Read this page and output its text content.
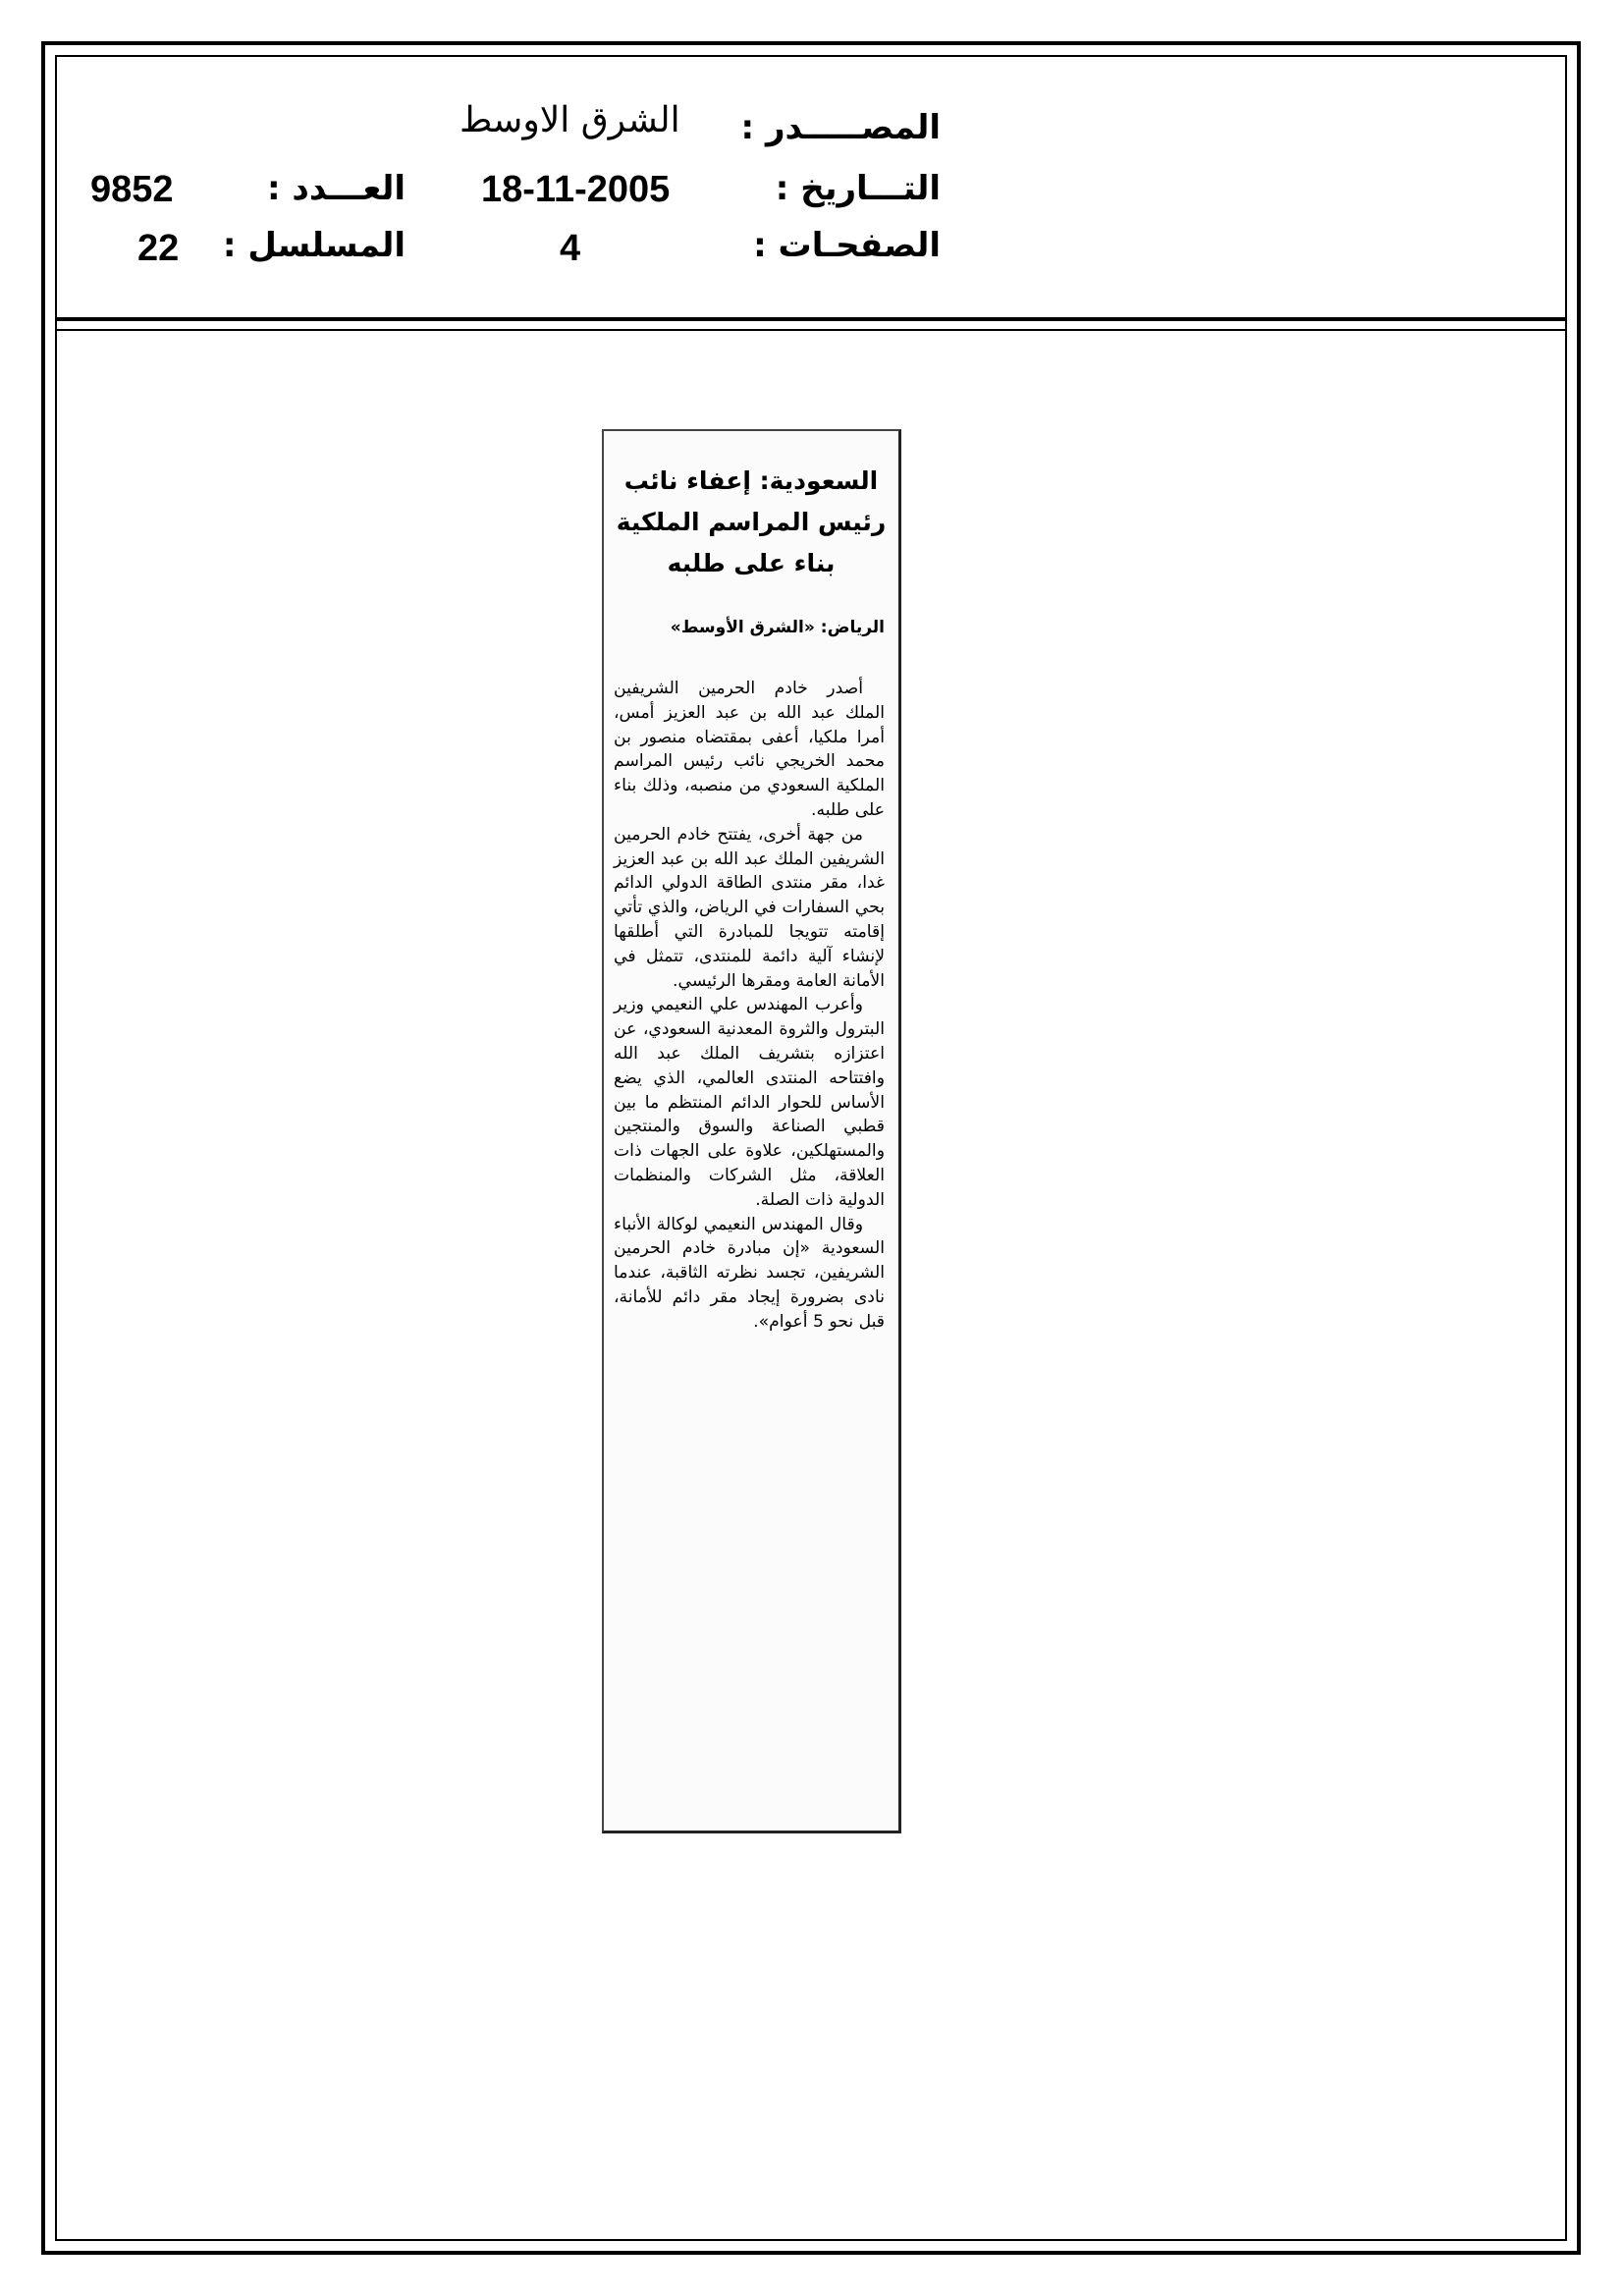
المصـــــدر :
الشرق الاوسط
التـــاريخ :
18-11-2005
العـــدد :
9852
الصفحـات :
4
المسلسل :
22
السعودية: إعفاء نائب
رئيس المراسم الملكية
بناء على طلبه
الرياض: «الشرق الأوسط»

أصدر خادم الحرمين الشريفين الملك عبد الله بن عبد العزيز أمس، أمرا ملكيا، أعفى بمقتضاه منصور بن محمد الخريجي نائب رئيس المراسم الملكية السعودي من منصبه، وذلك بناء على طلبه.

من جهة أخرى، يفتتح خادم الحرمين الشريفين الملك عبد الله بن عبد العزيز غدا، مقر منتدى الطاقة الدولي الدائم بحي السفارات في الرياض، والذي تأتي إقامته تتويجا للمبادرة التي أطلقها لإنشاء آلية دائمة للمنتدى، تتمثل في الأمانة العامة ومقرها الرئيسي.

وأعرب المهندس علي النعيمي وزير البترول والثروة المعدنية السعودي، عن اعتزازه بتشريف الملك عبد الله وافتتاحه المنتدى العالمي، الذي يضع الأساس للحوار الدائم المنتظم ما بين قطبي الصناعة والسوق والمنتجين والمستهلكين، علاوة على الجهات ذات العلاقة، مثل الشركات والمنظمات الدولية ذات الصلة.

وقال المهندس النعيمي لوكالة الأنباء السعودية «إن مبادرة خادم الحرمين الشريفين، تجسد نظرته الثاقبة، عندما نادى بضرورة إيجاد مقر دائم للأمانة، قبل نحو 5 أعوام».
